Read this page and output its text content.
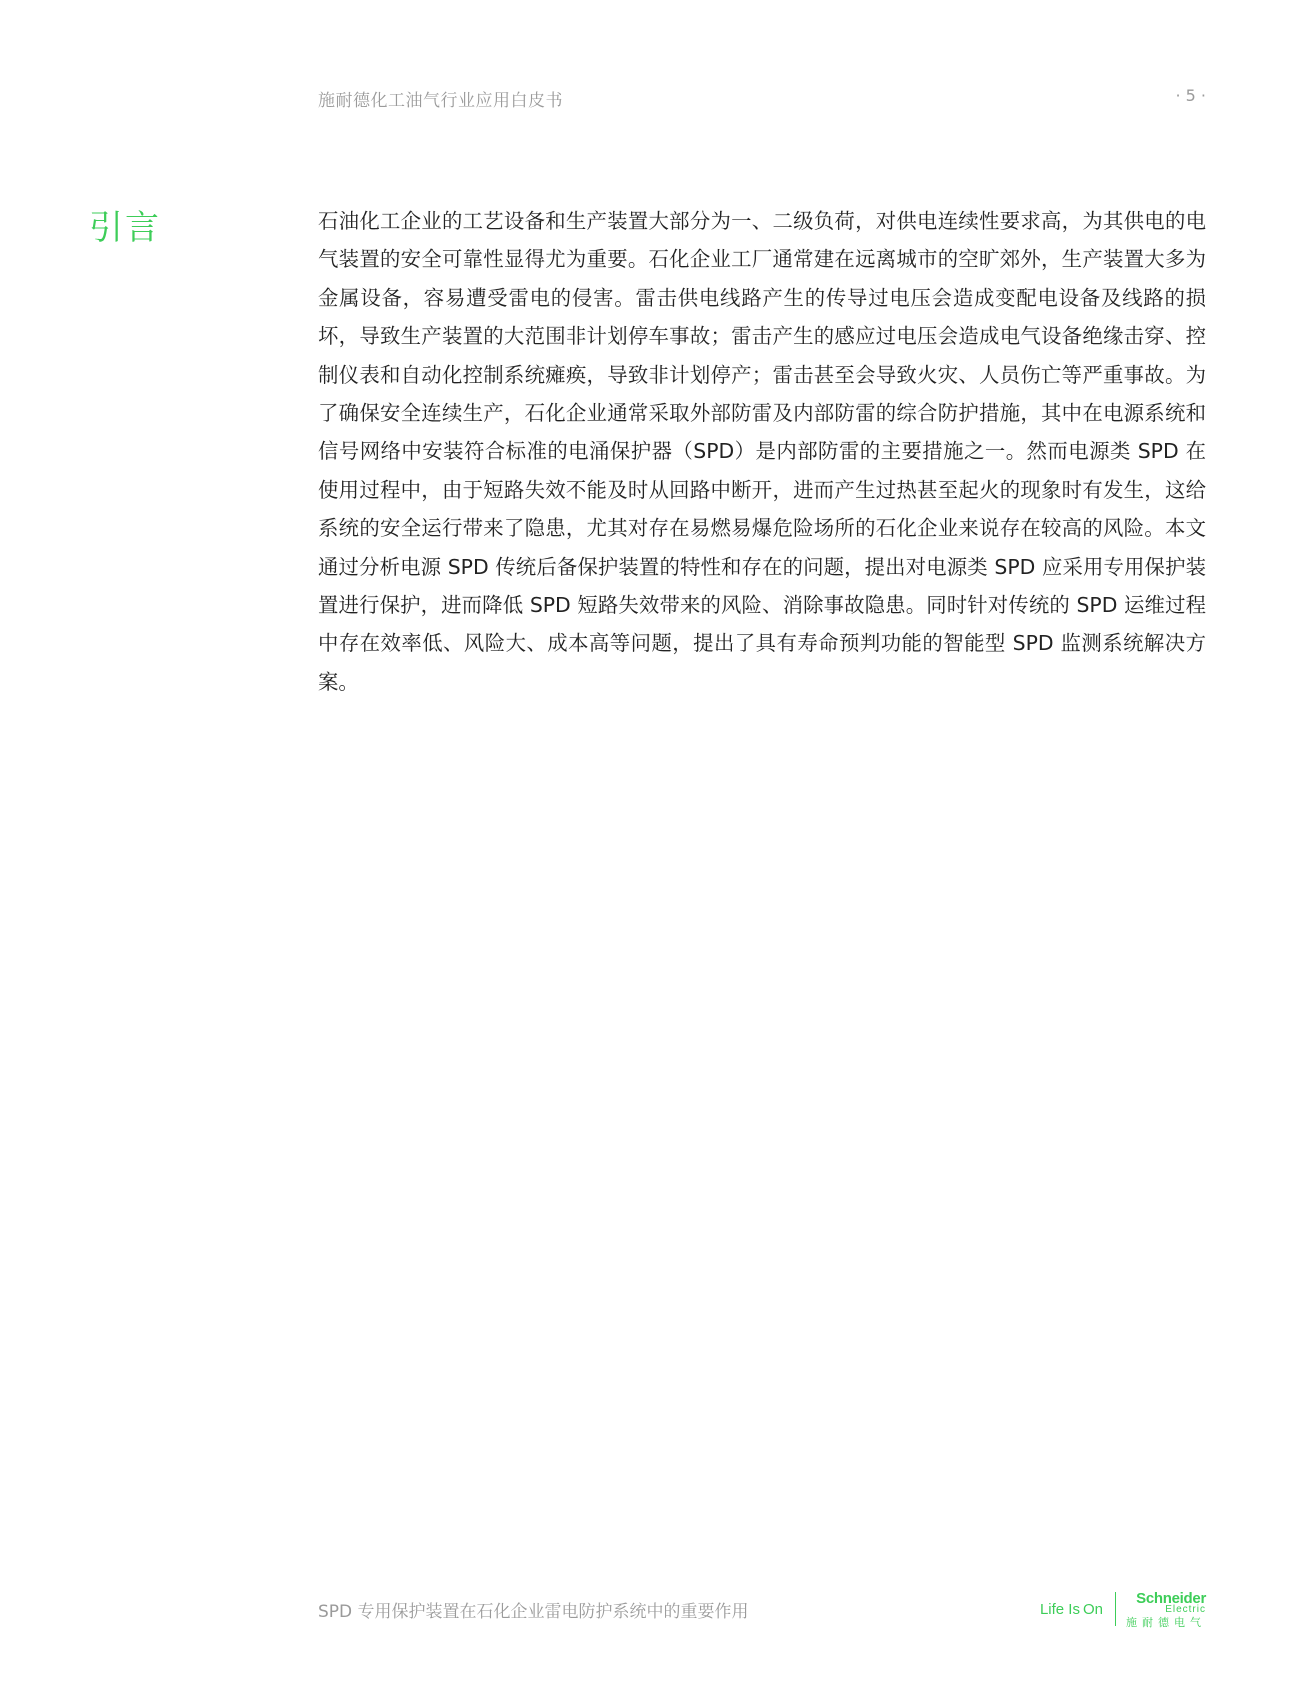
施耐德化工油气行业应用白皮书	· 5 ·
引言	石油化工企业的工艺设备和生产装置大部分为一、二级负荷，对供电连续性要求高，为其供电的电气装置的安全可靠性显得尤为重要。石化企业工厂通常建在远离城市的空旷郊外，生产装置大多为金属设备，容易遭受雷电的侵害。雷击供电线路产生的传导过电压会造成变配电设备及线路的损坏，导致生产装置的大范围非计划停车事故；雷击产生的感应过电压会造成电气设备绝缘击穿、控制仪表和自动化控制系统瘫痪，导致非计划停产；雷击甚至会导致火灾、人员伤亡等严重事故。为了确保安全连续生产，石化企业通常采取外部防雷及内部防雷的综合防护措施，其中在电源系统和信号网络中安装符合标准的电涌保护器（SPD）是内部防雷的主要措施之一。然而电源类 SPD 在使用过程中，由于短路失效不能及时从回路中断开，进而产生过热甚至起火的现象时有发生，这给系统的安全运行带来了隐患，尤其对存在易燃易爆危险场所的石化企业来说存在较高的风险。本文通过分析电源 SPD 传统后备保护装置的特性和存在的问题，提出对电源类 SPD 应采用专用保护装置进行保护，进而降低 SPD 短路失效带来的风险、消除事故隐患。同时针对传统的 SPD 运维过程中存在效率低、风险大、成本高等问题，提出了具有寿命预判功能的智能型 SPD 监测系统解决方案。

SPD 专用保护装置在石化企业雷电防护系统中的重要作用	Life Is On
Schneider
Electric
施耐德电气
